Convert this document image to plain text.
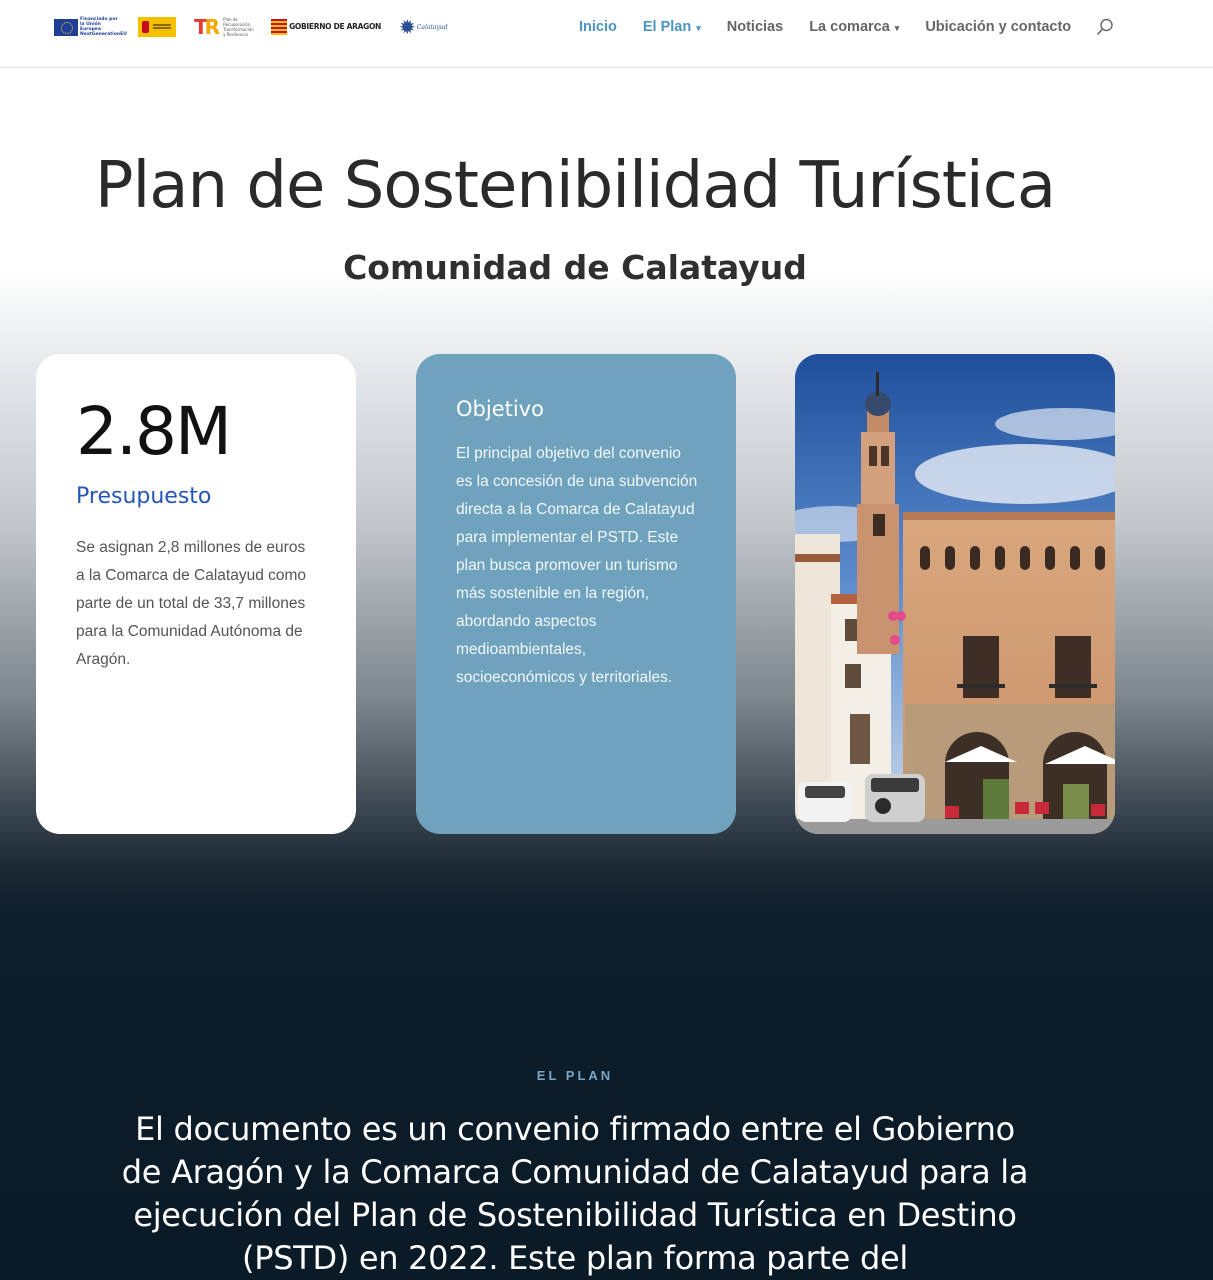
Financiado por la Unión Europea NextGenerationEU	TR Plan de Recuperación, Transformación y Resiliencia
GOBIERNO DE ARAGON ✹ Calatayud	Inicio El Plan ▾ Noticias La comarca ▾ Ubicación y contacto
Plan de Sostenibilidad Turística
Comunidad de Calatayud
2.8M
Presupuesto

Se asignan 2,8 millones de euros a la Comarca de Calatayud como parte de un total de 33,7 millones para la Comunidad Autónoma de Aragón.

Objetivo

El principal objetivo del convenio es la concesión de una subvención directa a la Comarca de Calatayud para implementar el PSTD. Este plan busca promover un turismo más sostenible en la región, abordando aspectos medioambientales, socioeconómicos y territoriales.

EL PLAN

El documento es un convenio firmado entre el Gobierno de Aragón y la Comarca Comunidad de Calatayud para la ejecución del Plan de Sostenibilidad Turística en Destino (PSTD) en 2022. Este plan forma parte del
